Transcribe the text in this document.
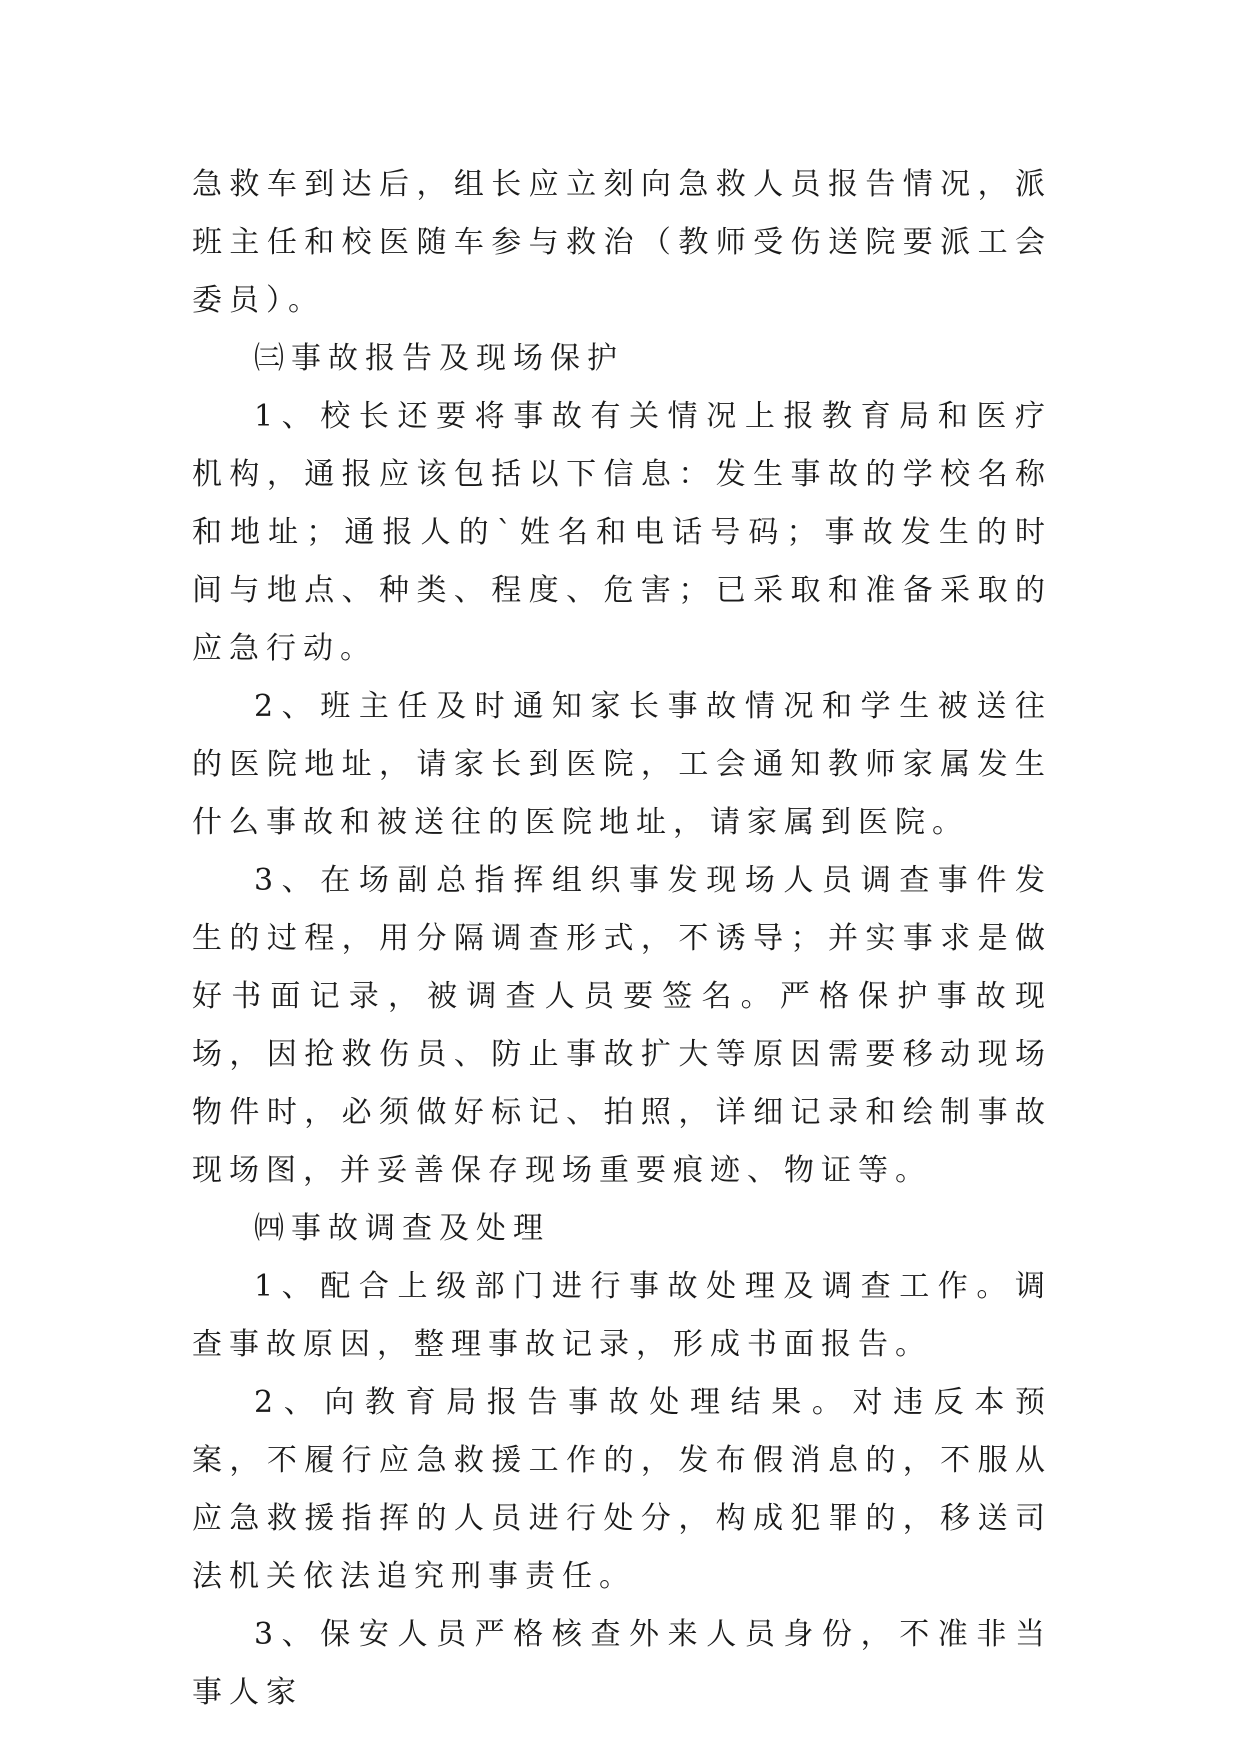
急救车到达后，组长应立刻向急救人员报告情况，派班主任和校医随车参与救治（教师受伤送院要派工会委员）。

㈢事故报告及现场保护

1、校长还要将事故有关情况上报教育局和医疗机构，通报应该包括以下信息：发生事故的学校名称和地址；通报人的`姓名和电话号码；事故发生的时间与地点、种类、程度、危害；已采取和准备采取的应急行动。

2、班主任及时通知家长事故情况和学生被送往的医院地址，请家长到医院，工会通知教师家属发生什么事故和被送往的医院地址，请家属到医院。

3、在场副总指挥组织事发现场人员调查事件发生的过程，用分隔调查形式，不诱导；并实事求是做好书面记录，被调查人员要签名。严格保护事故现场，因抢救伤员、防止事故扩大等原因需要移动现场物件时，必须做好标记、拍照，详细记录和绘制事故现场图，并妥善保存现场重要痕迹、物证等。

㈣事故调查及处理

1、配合上级部门进行事故处理及调查工作。调查事故原因，整理事故记录，形成书面报告。

2、向教育局报告事故处理结果。对违反本预案，不履行应急救援工作的，发布假消息的，不服从应急救援指挥的人员进行处分，构成犯罪的，移送司法机关依法追究刑事责任。

3、保安人员严格核查外来人员身份，不准非当事人家
